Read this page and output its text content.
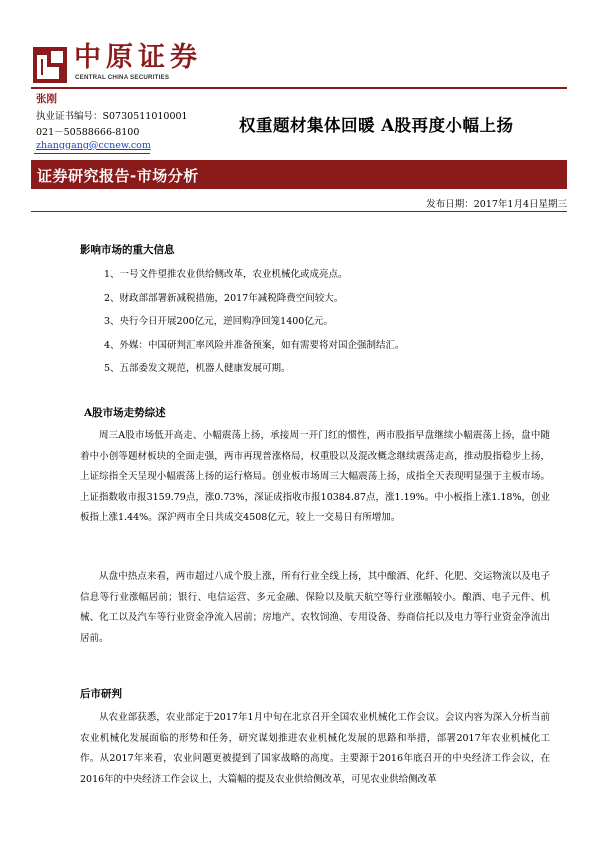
中原证券
CENTRAL CHINA SECURITIES
张刚
执业证书编号：S0730511010001
021－50588666-8100
zhanggang@ccnew.com
权重题材集体回暖 A股再度小幅上扬
证券研究报告-市场分析
发布日期：2017年1月4日星期三
影响市场的重大信息
1、一号文件望推农业供给侧改革，农业机械化或成亮点。
2、财政部部署新减税措施，2017年减税降费空间较大。
3、央行今日开展200亿元，逆回购净回笼1400亿元。
4、外媒：中国研判汇率风险并准备预案，如有需要将对国企强制结汇。
5、五部委发文规范，机器人健康发展可期。
A股市场走势综述

周三A股市场低开高走、小幅震荡上扬，承接周一开门红的惯性，两市股指早盘继续小幅震荡上扬，盘中随着中小创等题材板块的全面走强，两市再现普涨格局，权重股以及混改概念继续震荡走高，推动股指稳步上扬，上证综指全天呈现小幅震荡上扬的运行格局。创业板市场周三大幅震荡上扬，成指全天表现明显强于主板市场。上证指数收市报3159.79点，涨0.73%，深证成指收市报10384.87点，涨1.19%。中小板指上涨1.18%，创业板指上涨1.44%。深沪两市全日共成交4508亿元，较上一交易日有所增加。

从盘中热点来看，两市超过八成个股上涨，所有行业全线上扬，其中酿酒、化纤、化肥、交运物流以及电子信息等行业涨幅居前；银行、电信运营、多元金融、保险以及航天航空等行业涨幅较小。酿酒、电子元件、机械、化工以及汽车等行业资金净流入居前；房地产、农牧饲渔、专用设备、券商信托以及电力等行业资金净流出居前。

后市研判

从农业部获悉，农业部定于2017年1月中旬在北京召开全国农业机械化工作会议。会议内容为深入分析当前农业机械化发展面临的形势和任务，研究谋划推进农业机械化发展的思路和举措，部署2017年农业机械化工作。从2017年来看，农业问题更被提到了国家战略的高度。主要源于2016年底召开的中央经济工作会议，在2016年的中央经济工作会议上，大篇幅的提及农业供给侧改革，可见农业供给侧改革
